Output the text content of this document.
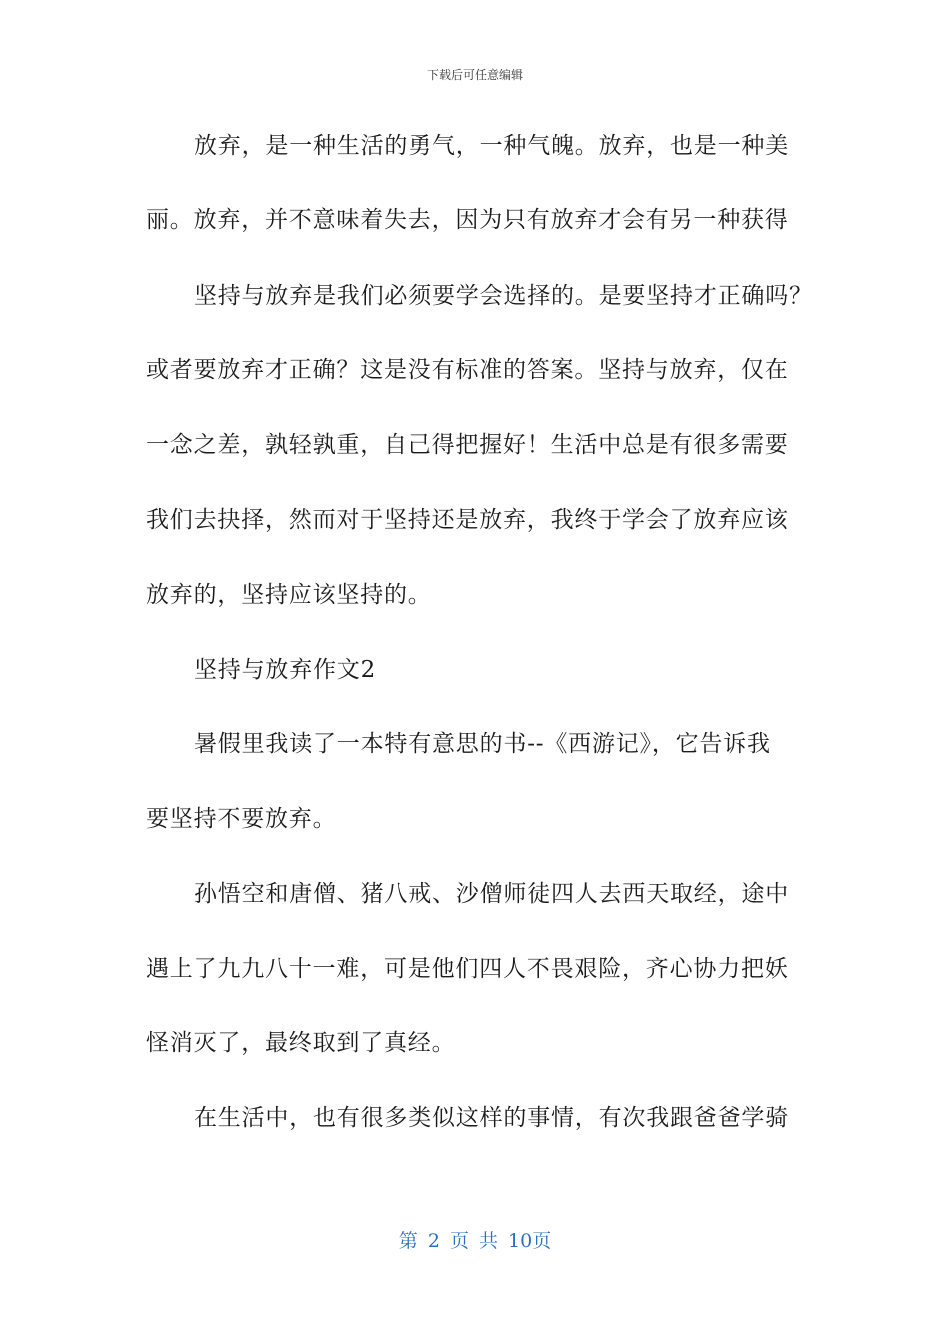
下载后可任意编辑
放弃，是一种生活的勇气，一种气魄。放弃，也是一种美
丽。放弃，并不意味着失去，因为只有放弃才会有另一种获得
坚持与放弃是我们必须要学会选择的。是要坚持才正确吗？
或者要放弃才正确？这是没有标准的答案。坚持与放弃，仅在
一念之差，孰轻孰重，自己得把握好！生活中总是有很多需要
我们去抉择，然而对于坚持还是放弃，我终于学会了放弃应该
放弃的，坚持应该坚持的。
坚持与放弃作文2
暑假里我读了一本特有意思的书--《西游记》，它告诉我
要坚持不要放弃。
孙悟空和唐僧、猪八戒、沙僧师徒四人去西天取经，途中
遇上了九九八十一难，可是他们四人不畏艰险，齐心协力把妖
怪消灭了，最终取到了真经。
在生活中，也有很多类似这样的事情，有次我跟爸爸学骑
第 2 页 共 10页
